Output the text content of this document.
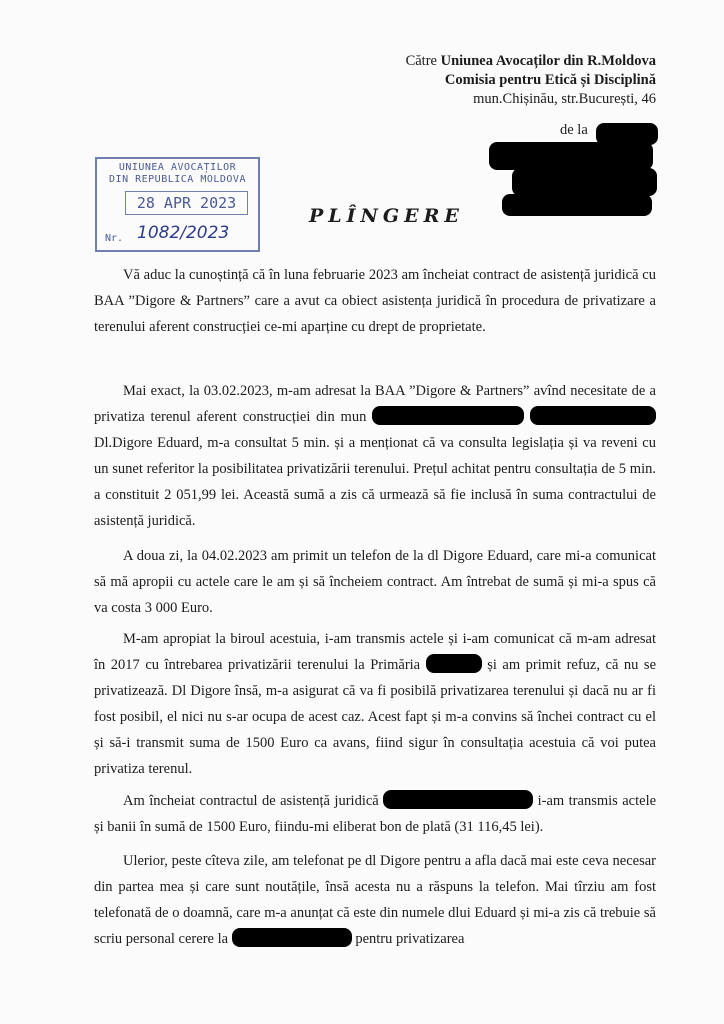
Către Uniunea Avocaților din R.Moldova
Comisia pentru Etică și Disciplină
mun.Chișinău, str.București, 46
de la
UNIUNEA AVOCAȚILOR
DIN REPUBLICA MOLDOVA
28 APR 2023
Nr. 1082/2023
PLÎNGERE

Vă aduc la cunoștință că în luna februarie 2023 am încheiat contract de asistență juridică cu BAA ”Digore & Partners” care a avut ca obiect asistența juridică în procedura de privatizare a terenului aferent construcției ce-mi aparține cu drept de proprietate.

Mai exact, la 03.02.2023, m-am adresat la BAA ”Digore & Partners” avînd necesitate de a privatiza terenul aferent construcției din mun   Dl.Digore Eduard, m-a consultat 5 min. și a menționat că va consulta legislația și va reveni cu un sunet referitor la posibilitatea privatizării terenului. Prețul achitat pentru consultația de 5 min. a constituit 2 051,99 lei. Această sumă a zis că urmează să fie inclusă în suma contractului de asistență juridică.

A doua zi, la 04.02.2023 am primit un telefon de la dl Digore Eduard, care mi-a comunicat să mă apropii cu actele care le am și să încheiem contract. Am întrebat de sumă și mi-a spus că va costa 3 000 Euro.

M-am apropiat la biroul acestuia, i-am transmis actele și i-am comunicat că m-am adresat în 2017 cu întrebarea privatizării terenului la Primăria	și am primit refuz, că nu se privatizează. Dl Digore însă, m-a asigurat că va fi posibilă privatizarea terenului și dacă nu ar fi fost posibil, el nici nu s-ar ocupa de acest caz. Acest fapt și m-a convins să închei contract cu el și să-i transmit suma de 1500 Euro ca avans, fiind sigur în consultația acestuia că voi putea privatiza terenul.

Am încheiat contractul de asistență juridică	i-am transmis actele și banii în sumă de 1500 Euro, fiindu-mi eliberat bon de plată (31 116,45 lei).

Ulerior, peste cîteva zile, am telefonat pe dl Digore pentru a afla dacă mai este ceva necesar din partea mea și care sunt noutățile, însă acesta nu a răspuns la telefon. Mai tîrziu am fost telefonată de o doamnă, care m-a anunțat că este din numele dlui Eduard și mi-a zis că trebuie să scriu personal cerere la	pentru privatizarea
